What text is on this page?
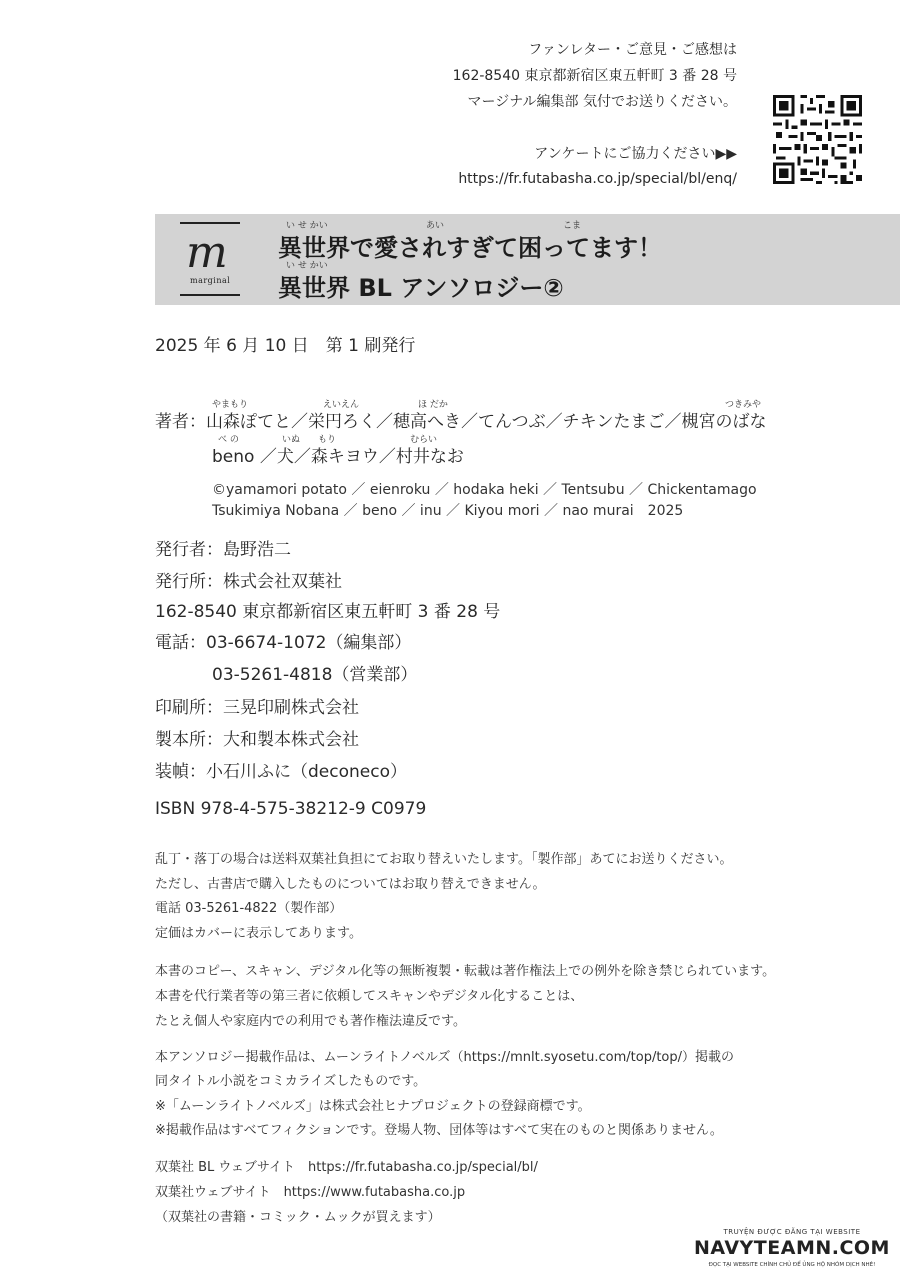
ファンレター・ご意見・ご感想は
162-8540 東京都新宿区東五軒町 3 番 28 号
マージナル編集部 気付でお送りください。
アンケートにご協力ください▶▶
https://fr.futabasha.co.jp/special/bl/enq/
m
marginal
い せ かい	あい	こま
異世界で愛されすぎて困ってます！
い せ かい
異世界 BL アンソロジー②
2025 年 6 月 10 日　第 1 刷発行
やまもり	えいえん	ほ だか	つきみや
著者：山森ぽてと／栄円ろく／穂高へき／てんつぶ／チキンたまご／槻宮のばな
べ の	いぬ もり	むらい
beno ／犬／森キヨウ／村井なお
©yamamori potato ／ eienroku ／ hodaka heki ／ Tentsubu ／ Chickentamago
Tsukimiya Nobana ／ beno ／ inu ／ Kiyou mori ／ nao murai　2025
発行者：島野浩二
発行所：株式会社双葉社
162-8540 東京都新宿区東五軒町 3 番 28 号
電話：03-6674-1072（編集部）
03-5261-4818（営業部）
印刷所：三晃印刷株式会社
製本所：大和製本株式会社
装幀：小石川ふに（deconeco）
ISBN 978-4-575-38212-9 C0979
乱丁・落丁の場合は送料双葉社負担にてお取り替えいたします。「製作部」あてにお送りください。
ただし、古書店で購入したものについてはお取り替えできません。
電話 03-5261-4822（製作部）
定価はカバーに表示してあります。
本書のコピー、スキャン、デジタル化等の無断複製・転載は著作権法上での例外を除き禁じられています。
本書を代行業者等の第三者に依頼してスキャンやデジタル化することは、
たとえ個人や家庭内での利用でも著作権法違反です。
本アンソロジー掲載作品は、ムーンライトノベルズ（https://mnlt.syosetu.com/top/top/）掲載の
同タイトル小説をコミカライズしたものです。
※「ムーンライトノベルズ」は株式会社ヒナプロジェクトの登録商標です。
※掲載作品はすべてフィクションです。登場人物、団体等はすべて実在のものと関係ありません。
双葉社 BL ウェブサイト　https://fr.futabasha.co.jp/special/bl/
双葉社ウェブサイト　https://www.futabasha.co.jp
（双葉社の書籍・コミック・ムックが買えます）
TRUYỆN ĐƯỢC ĐĂNG TẠI WEBSITE
NAVYTEAMN.COM
ĐỌC TẠI WEBSITE CHÍNH CHỦ ĐỂ ỦNG HỘ NHÓM DỊCH NHÉ!
